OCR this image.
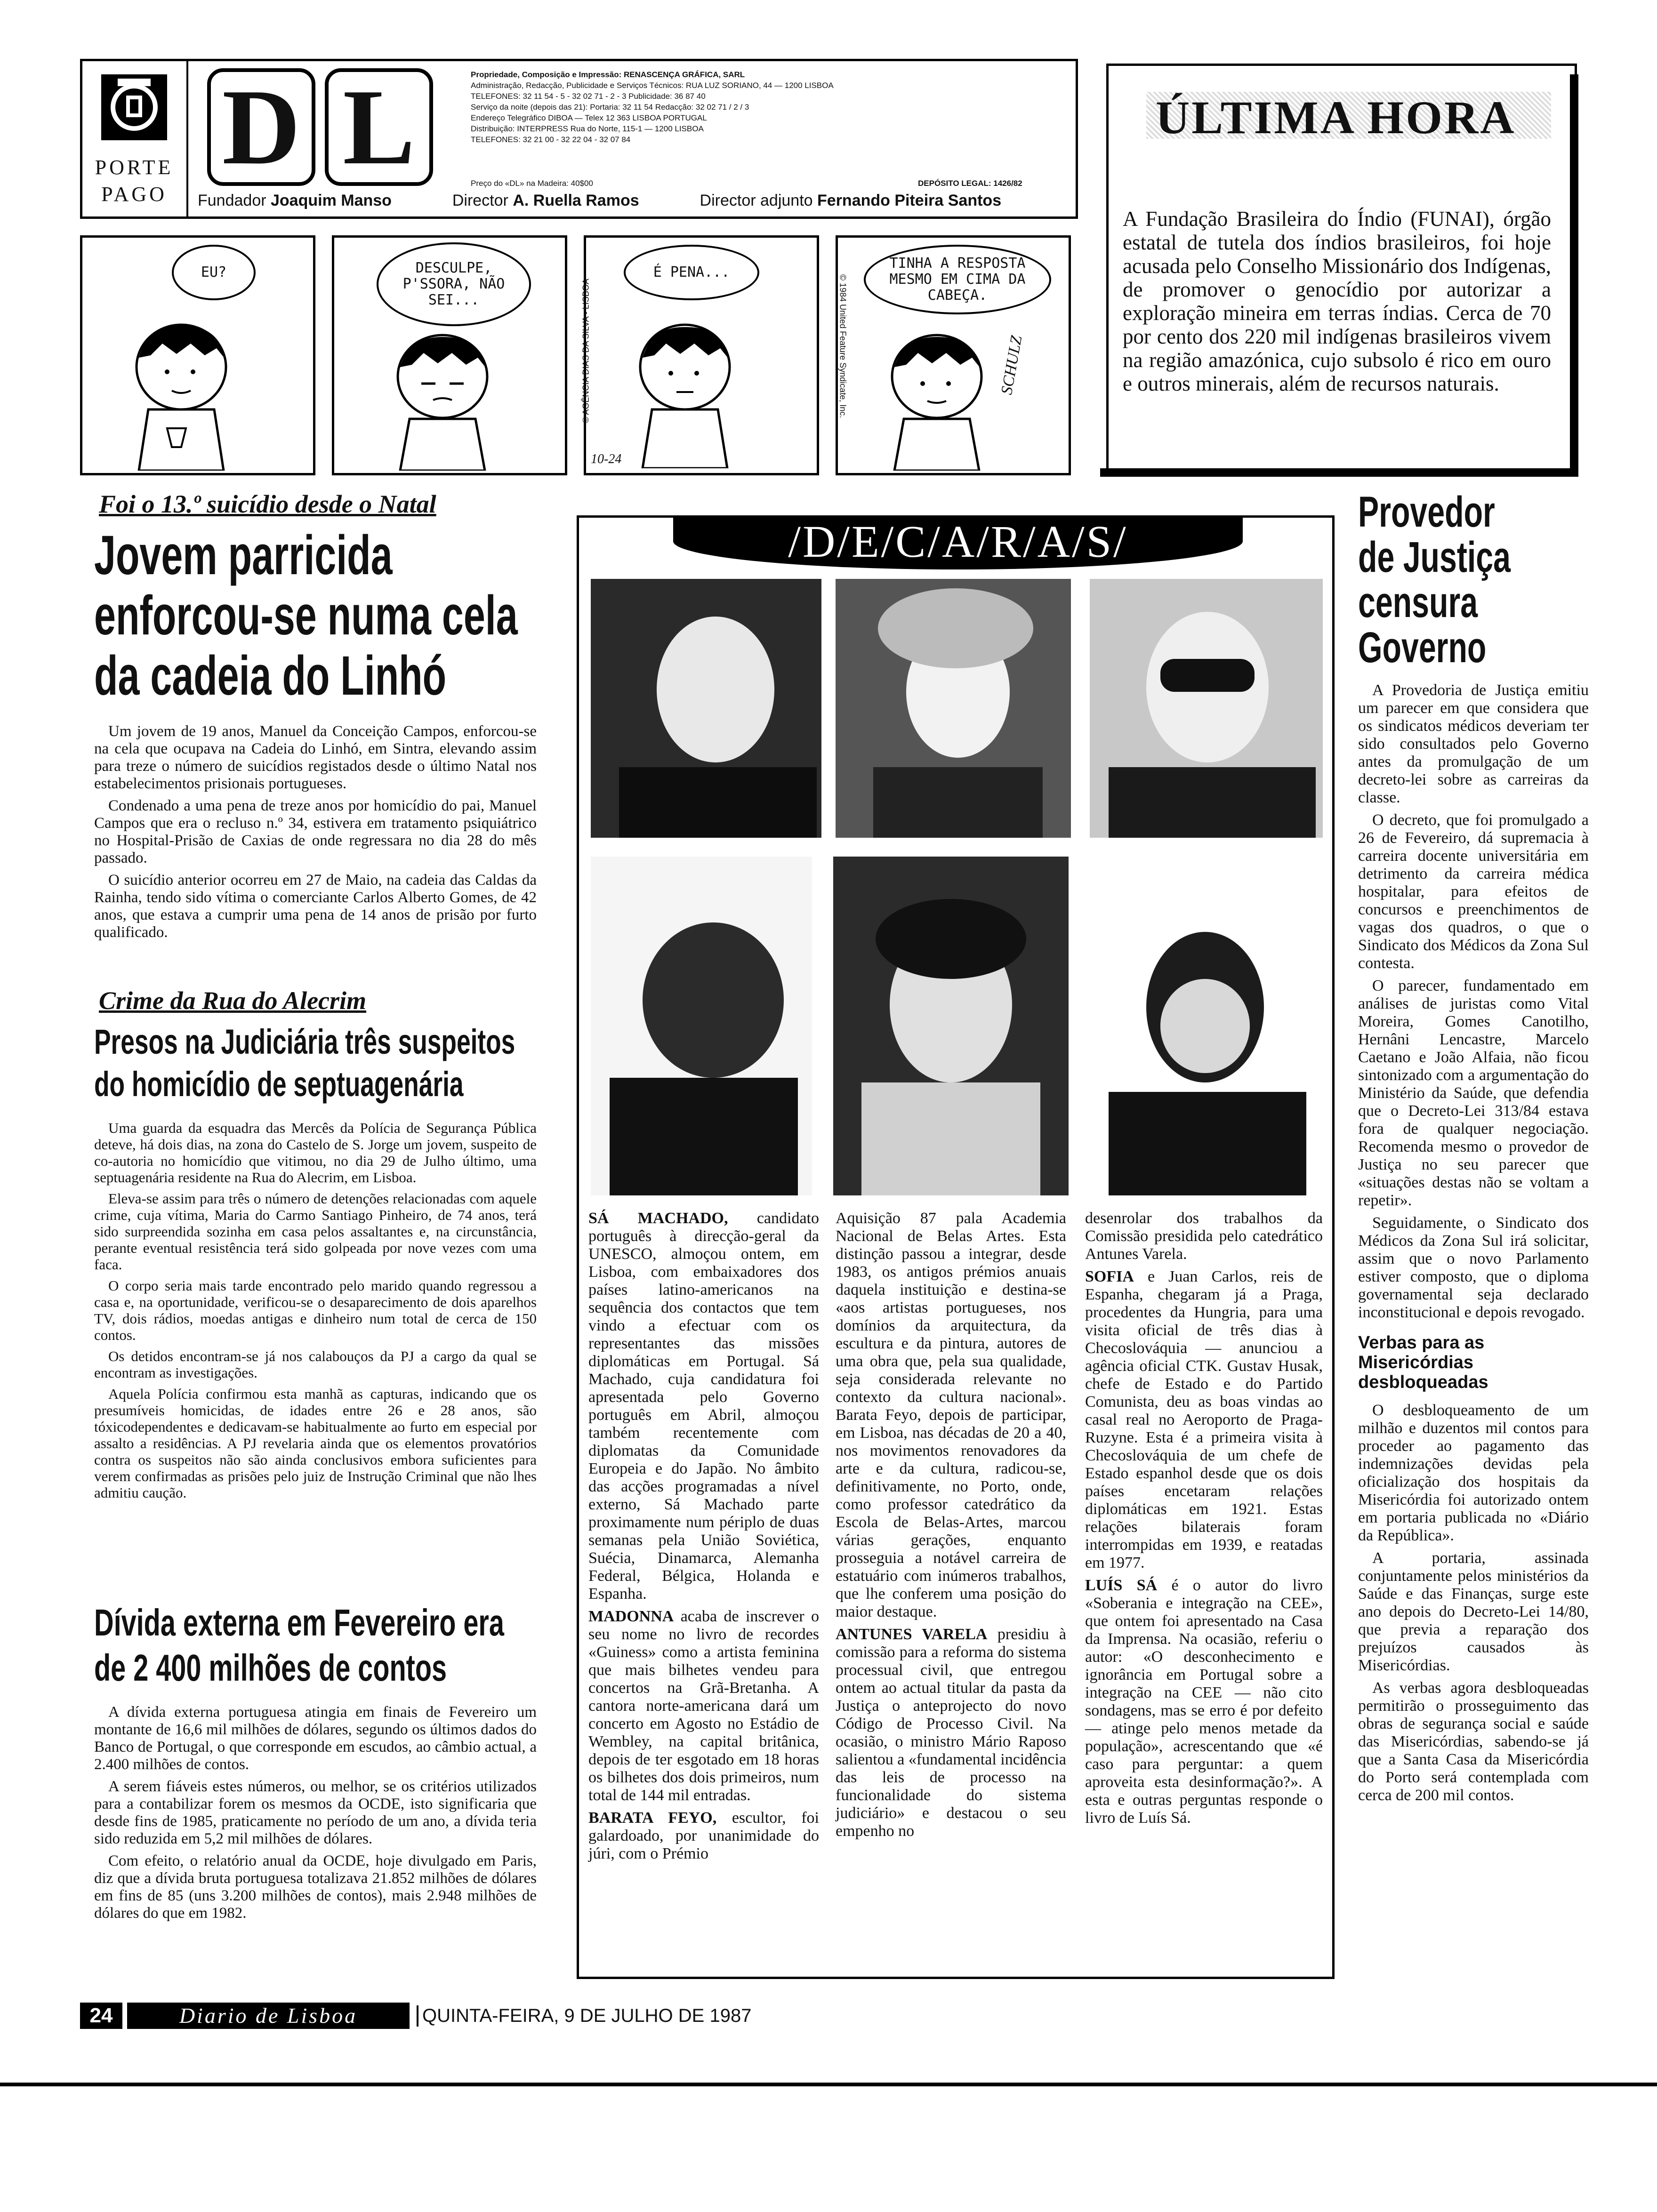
PORTE
PAGO
D L	Propriedade, Composição e Impressão: RENASCENÇA GRÁFICA, SARL
Administração, Redacção, Publicidade e Serviços Técnicos: RUA LUZ SORIANO, 44 — 1200 LISBOA
TELEFONES: 32 11 54 - 5 - 32 02 71 - 2 - 3 Publicidade: 36 87 40
Serviço da noite (depois das 21): Portaria: 32 11 54 Redacção: 32 02 71 / 2 / 3
Endereço Telegráfico DIBOA — Telex 12 363 LISBOA PORTUGAL
Distribuição: INTERPRESS Rua do Norte, 115-1 — 1200 LISBOA
TELEFONES: 32 21 00 - 32 22 04 - 32 07 84
Preço do «DL» na Madeira: 40$00	DEPÓSITO LEGAL: 1426/82
Fundador Joaquim Manso	Director A. Ruella Ramos	Director adjunto Fernando Piteira Santos
ÚLTIMA HORA
A Fundação Brasileira do Índio (FUNAI), órgão estatal de tutela dos índios brasileiros, foi hoje acusada pelo Conselho Missionário dos Indígenas, de promover o genocídio por autorizar a exploração mineira em terras índias. Cerca de 70 por cento dos 220 mil indígenas brasileiros vivem na região amazónica, cujo subsolo é rico em ouro e outros minerais, além de recursos naturais.
EU?	DESCULPE, P'SSORA, NÃO SEI...
É PENA...
© AGÊNCIA DIAS DA SILVA - LISBOA
10-24
© 1984 United Feature Syndicate, Inc.
TINHA A RESPOSTA MESMO EM CIMA DA CABEÇA.
SCHULZ
Foi o 13.º suicídio desde o Natal
Jovem parricida
enforcou-se numa cela
da cadeia do Linhó

Um jovem de 19 anos, Manuel da Conceição Campos, enforcou-se na cela que ocupava na Cadeia do Linhó, em Sintra, elevando assim para treze o número de suicídios registados desde o último Natal nos estabelecimentos prisionais portugueses.

Condenado a uma pena de treze anos por homicídio do pai, Manuel Campos que era o recluso n.º 34, estivera em tratamento psiquiátrico no Hospital-Prisão de Caxias de onde regressara no dia 28 do mês passado.

O suicídio anterior ocorreu em 27 de Maio, na cadeia das Caldas da Rainha, tendo sido vítima o comerciante Carlos Alberto Gomes, de 42 anos, que estava a cumprir uma pena de 14 anos de prisão por furto qualificado.

Crime da Rua do Alecrim
Presos na Judiciária três suspeitos
do homicídio de septuagenária

Uma guarda da esquadra das Mercês da Polícia de Segurança Pública deteve, há dois dias, na zona do Castelo de S. Jorge um jovem, suspeito de co-autoria no homicídio que vitimou, no dia 29 de Julho último, uma septuagenária residente na Rua do Alecrim, em Lisboa.

Eleva-se assim para três o número de detenções relacionadas com aquele crime, cuja vítima, Maria do Carmo Santiago Pinheiro, de 74 anos, terá sido surpreendida sozinha em casa pelos assaltantes e, na circunstância, perante eventual resistência terá sido golpeada por nove vezes com uma faca.

O corpo seria mais tarde encontrado pelo marido quando regressou a casa e, na oportunidade, verificou-se o desaparecimento de dois aparelhos TV, dois rádios, moedas antigas e dinheiro num total de cerca de 150 contos.

Os detidos encontram-se já nos calabouços da PJ a cargo da qual se encontram as investigações.

Aquela Polícia confirmou esta manhã as capturas, indicando que os presumíveis homicidas, de idades entre 26 e 28 anos, são tóxicodependentes e dedicavam-se habitualmente ao furto em especial por assalto a residências. A PJ revelaria ainda que os elementos provatórios contra os suspeitos não são ainda conclusivos embora suficientes para verem confirmadas as prisões pelo juiz de Instrução Criminal que não lhes admitiu caução.

Dívida externa em Fevereiro era
de 2 400 milhões de contos

A dívida externa portuguesa atingia em finais de Fevereiro um montante de 16,6 mil milhões de dólares, segundo os últimos dados do Banco de Portugal, o que corresponde em escudos, ao câmbio actual, a 2.400 milhões de contos.

A serem fiáveis estes números, ou melhor, se os critérios utilizados para a contabilizar forem os mesmos da OCDE, isto significaria que desde fins de 1985, praticamente no período de um ano, a dívida teria sido reduzida em 5,2 mil milhões de dólares.

Com efeito, o relatório anual da OCDE, hoje divulgado em Paris, diz que a dívida bruta portuguesa totalizava 21.852 milhões de dólares em fins de 85 (uns 3.200 milhões de contos), mais 2.948 milhões de dólares do que em 1982.

/D/E/C/A/R/A/S/

SÁ MACHADO, candidato português à direcção-geral da UNESCO, almoçou ontem, em Lisboa, com embaixadores dos países latino-americanos na sequência dos contactos que tem vindo a efectuar com os representantes das missões diplomáticas em Portugal. Sá Machado, cuja candidatura foi apresentada pelo Governo português em Abril, almoçou também recentemente com diplomatas da Comunidade Europeia e do Japão. No âmbito das acções programadas a nível externo, Sá Machado parte proximamente num périplo de duas semanas pela União Soviética, Suécia, Dinamarca, Alemanha Federal, Bélgica, Holanda e Espanha.

MADONNA acaba de inscrever o seu nome no livro de recordes «Guiness» como a artista feminina que mais bilhetes vendeu para concertos na Grã-Bretanha. A cantora norte-americana dará um concerto em Agosto no Estádio de Wembley, na capital britânica, depois de ter esgotado em 18 horas os bilhetes dos dois primeiros, num total de 144 mil entradas.

BARATA FEYO, escultor, foi galardoado, por unanimidade do júri, com o Prémio

Aquisição 87 pala Academia Nacional de Belas Artes. Esta distinção passou a integrar, desde 1983, os antigos prémios anuais daquela instituição e destina-se «aos artistas portugueses, nos domínios da arquitectura, da escultura e da pintura, autores de uma obra que, pela sua qualidade, seja considerada relevante no contexto da cultura nacional». Barata Feyo, depois de participar, em Lisboa, nas décadas de 20 a 40, nos movimentos renovadores da arte e da cultura, radicou-se, definitivamente, no Porto, onde, como professor catedrático da Escola de Belas-Artes, marcou várias gerações, enquanto prosseguia a notável carreira de estatuário com inúmeros trabalhos, que lhe conferem uma posição do maior destaque.

ANTUNES VARELA presidiu à comissão para a reforma do sistema processual civil, que entregou ontem ao actual titular da pasta da Justiça o anteprojecto do novo Código de Processo Civil. Na ocasião, o ministro Mário Raposo salientou a «fundamental incidência das leis de processo na funcionalidade do sistema judiciário» e destacou o seu empenho no

desenrolar dos trabalhos da Comissão presidida pelo catedrático Antunes Varela.

SOFIA e Juan Carlos, reis de Espanha, chegaram já a Praga, procedentes da Hungria, para uma visita oficial de três dias à Checoslováquia — anunciou a agência oficial CTK. Gustav Husak, chefe de Estado e do Partido Comunista, deu as boas vindas ao casal real no Aeroporto de Praga-Ruzyne. Esta é a primeira visita à Checoslováquia de um chefe de Estado espanhol desde que os dois países encetaram relações diplomáticas em 1921. Estas relações bilaterais foram interrompidas em 1939, e reatadas em 1977.

LUÍS SÁ é o autor do livro «Soberania e integração na CEE», que ontem foi apresentado na Casa da Imprensa. Na ocasião, referiu o autor: «O desconhecimento e ignorância em Portugal sobre a integração na CEE — não cito sondagens, mas se erro é por defeito — atinge pelo menos metade da população», acrescentando que «é caso para perguntar: a quem aproveita esta desinformação?». A esta e outras perguntas responde o livro de Luís Sá.

Provedor
de Justiça
censura
Governo

A Provedoria de Justiça emitiu um parecer em que considera que os sindicatos médicos deveriam ter sido consultados pelo Governo antes da promulgação de um decreto-lei sobre as carreiras da classe.

O decreto, que foi promulgado a 26 de Fevereiro, dá supremacia à carreira docente universitária em detrimento da carreira médica hospitalar, para efeitos de concursos e preenchimentos de vagas dos quadros, o que o Sindicato dos Médicos da Zona Sul contesta.

O parecer, fundamentado em análises de juristas como Vital Moreira, Gomes Canotilho, Hernâni Lencastre, Marcelo Caetano e João Alfaia, não ficou sintonizado com a argumentação do Ministério da Saúde, que defendia que o Decreto-Lei 313/84 estava fora de qualquer negociação. Recomenda mesmo o provedor de Justiça no seu parecer que «situações destas não se voltam a repetir».

Seguidamente, o Sindicato dos Médicos da Zona Sul irá solicitar, assim que o novo Parlamento estiver composto, que o diploma governamental seja declarado inconstitucional e depois revogado.

Verbas para as
Misericórdias
desbloqueadas

O desbloqueamento de um milhão e duzentos mil contos para proceder ao pagamento das indemnizações devidas pela oficialização dos hospitais da Misericórdia foi autorizado ontem em portaria publicada no «Diário da República».

A portaria, assinada conjuntamente pelos ministérios da Saúde e das Finanças, surge este ano depois do Decreto-Lei 14/80, que previa a reparação dos prejuízos causados às Misericórdias.

As verbas agora desbloqueadas permitirão o prosseguimento das obras de segurança social e saúde das Misericórdias, sabendo-se já que a Santa Casa da Misericórdia do Porto será contemplada com cerca de 200 mil contos.

24	Diario de Lisboa	QUINTA-FEIRA, 9 DE JULHO DE 1987
